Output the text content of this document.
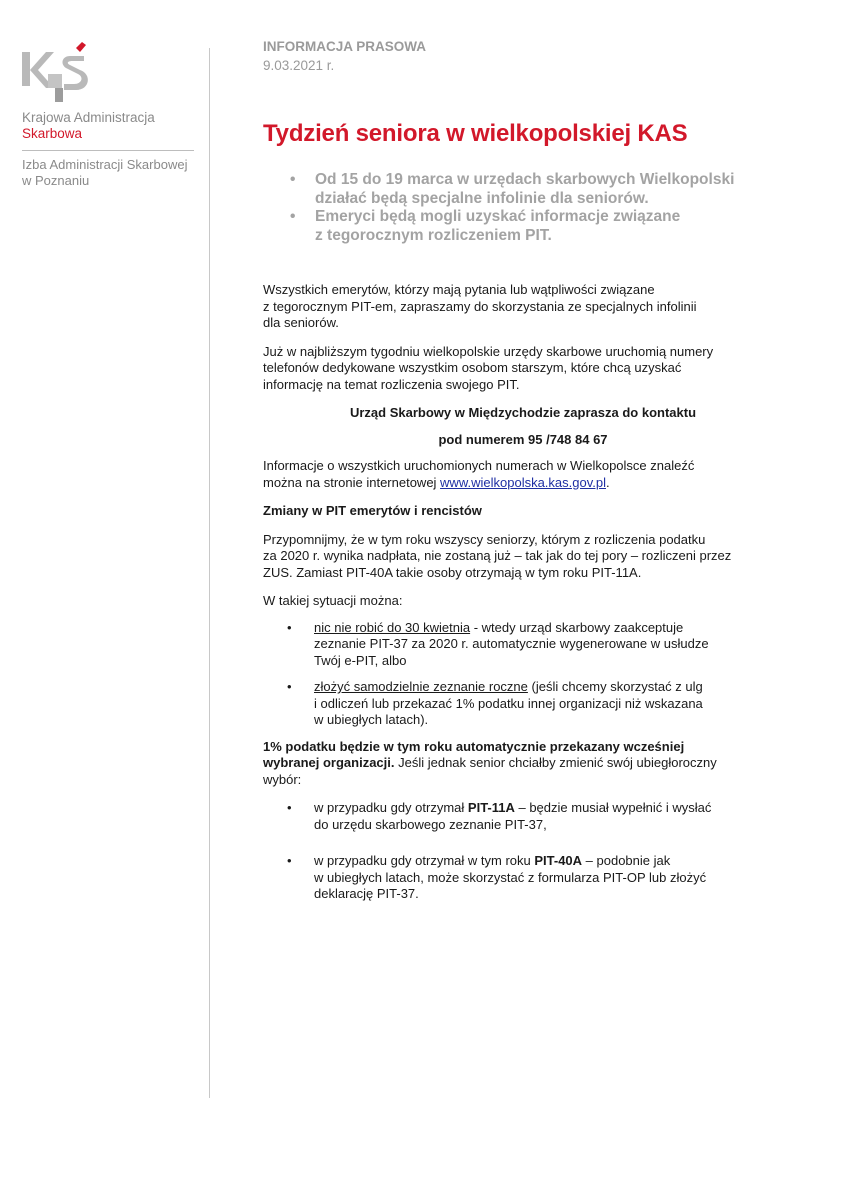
Krajowa Administracja
Skarbowa
Izba Administracji Skarbowej
w Poznaniu
INFORMACJA PRASOWA
9.03.2021 r.
Tydzień seniora w wielkopolskiej KAS
• Od 15 do 19 marca w urzędach skarbowych Wielkopolski
działać będą specjalne infolinie dla seniorów.
• Emeryci będą mogli uzyskać informacje związane
z tegorocznym rozliczeniem PIT.

Wszystkich emerytów, którzy mają pytania lub wątpliwości związane
z tegorocznym PIT-em, zapraszamy do skorzystania ze specjalnych infolinii
dla seniorów.

Już w najbliższym tygodniu wielkopolskie urzędy skarbowe uruchomią numery
telefonów dedykowane wszystkim osobom starszym, które chcą uzyskać
informację na temat rozliczenia swojego PIT.

Urząd Skarbowy w Międzychodzie zaprasza do kontaktu

pod numerem 95 /748 84 67

Informacje o wszystkich uruchomionych numerach w Wielkopolsce znaleźć
można na stronie internetowej www.wielkopolska.kas.gov.pl.

Zmiany w PIT emerytów i rencistów

Przypomnijmy, że w tym roku wszyscy seniorzy, którym z rozliczenia podatku
za 2020 r. wynika nadpłata, nie zostaną już – tak jak do tej pory – rozliczeni przez
ZUS. Zamiast PIT-40A takie osoby otrzymają w tym roku PIT-11A.

W takiej sytuacji można:

• nic nie robić do 30 kwietnia - wtedy urząd skarbowy zaakceptuje
zeznanie PIT-37 za 2020 r. automatycznie wygenerowane w usłudze
Twój e-PIT, albo
• złożyć samodzielnie zeznanie roczne (jeśli chcemy skorzystać z ulg
i odliczeń lub przekazać 1% podatku innej organizacji niż wskazana
w ubiegłych latach).

1% podatku będzie w tym roku automatycznie przekazany wcześniej
wybranej organizacji. Jeśli jednak senior chciałby zmienić swój ubiegłoroczny
wybór:

• w przypadku gdy otrzymał PIT-11A – będzie musiał wypełnić i wysłać
do urzędu skarbowego zeznanie PIT-37,
• w przypadku gdy otrzymał w tym roku PIT-40A – podobnie jak
w ubiegłych latach, może skorzystać z formularza PIT-OP lub złożyć
deklarację PIT-37.
